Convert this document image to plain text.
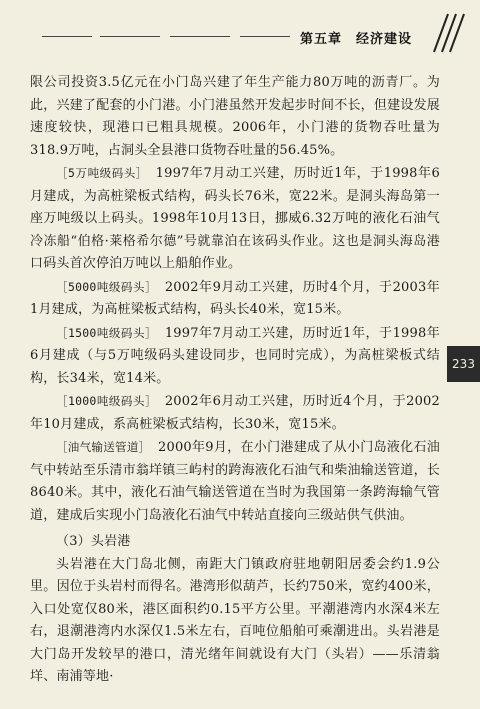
第五章　经济建设
233

限公司投资3.5亿元在小门岛兴建了年生产能力80万吨的沥青厂。为此，兴建了配套的小门港。小门港虽然开发起步时间不长，但建设发展速度较快，现港口已粗具规模。2006年，小门港的货物吞吐量为318.9万吨，占洞头全县港口货物吞吐量的56.45%。

［5万吨级码头］　1997年7月动工兴建，历时近1年，于1998年6月建成，为高桩梁板式结构，码头长76米，宽22米。是洞头海岛第一座万吨级以上码头。1998年10月13日，挪威6.32万吨的液化石油气冷冻船“伯格·莱格希尔德”号就靠泊在该码头作业。这也是洞头海岛港口码头首次停泊万吨以上船舶作业。

［5000吨级码头］　2002年9月动工兴建，历时4个月，于2003年1月建成，为高桩梁板式结构，码头长40米，宽15米。

［1500吨级码头］　1997年7月动工兴建，历时近1年，于1998年6月建成（与5万吨级码头建设同步，也同时完成），为高桩梁板式结构，长34米，宽14米。

［1000吨级码头］　2002年6月动工兴建，历时近4个月，于2002年10月建成，系高桩梁板式结构，长30米，宽15米。

［油气输送管道］　2000年9月，在小门港建成了从小门岛液化石油气中转站至乐清市翁垟镇三屿村的跨海液化石油气和柴油输送管道，长8640米。其中，液化石油气输送管道在当时为我国第一条跨海输气管道，建成后实现小门岛液化石油气中转站直接向三级站供气供油。

（3）头岩港

头岩港在大门岛北侧，南距大门镇政府驻地朝阳居委会约1.9公里。因位于头岩村而得名。港湾形似葫芦，长约750米，宽约400米，入口处宽仅80米，港区面积约0.15平方公里。平潮港湾内水深4米左右，退潮港湾内水深仅1.5米左右，百吨位船舶可乘潮进出。头岩港是大门岛开发较早的港口，清光绪年间就设有大门（头岩）——乐清翁垟、南浦等地·
